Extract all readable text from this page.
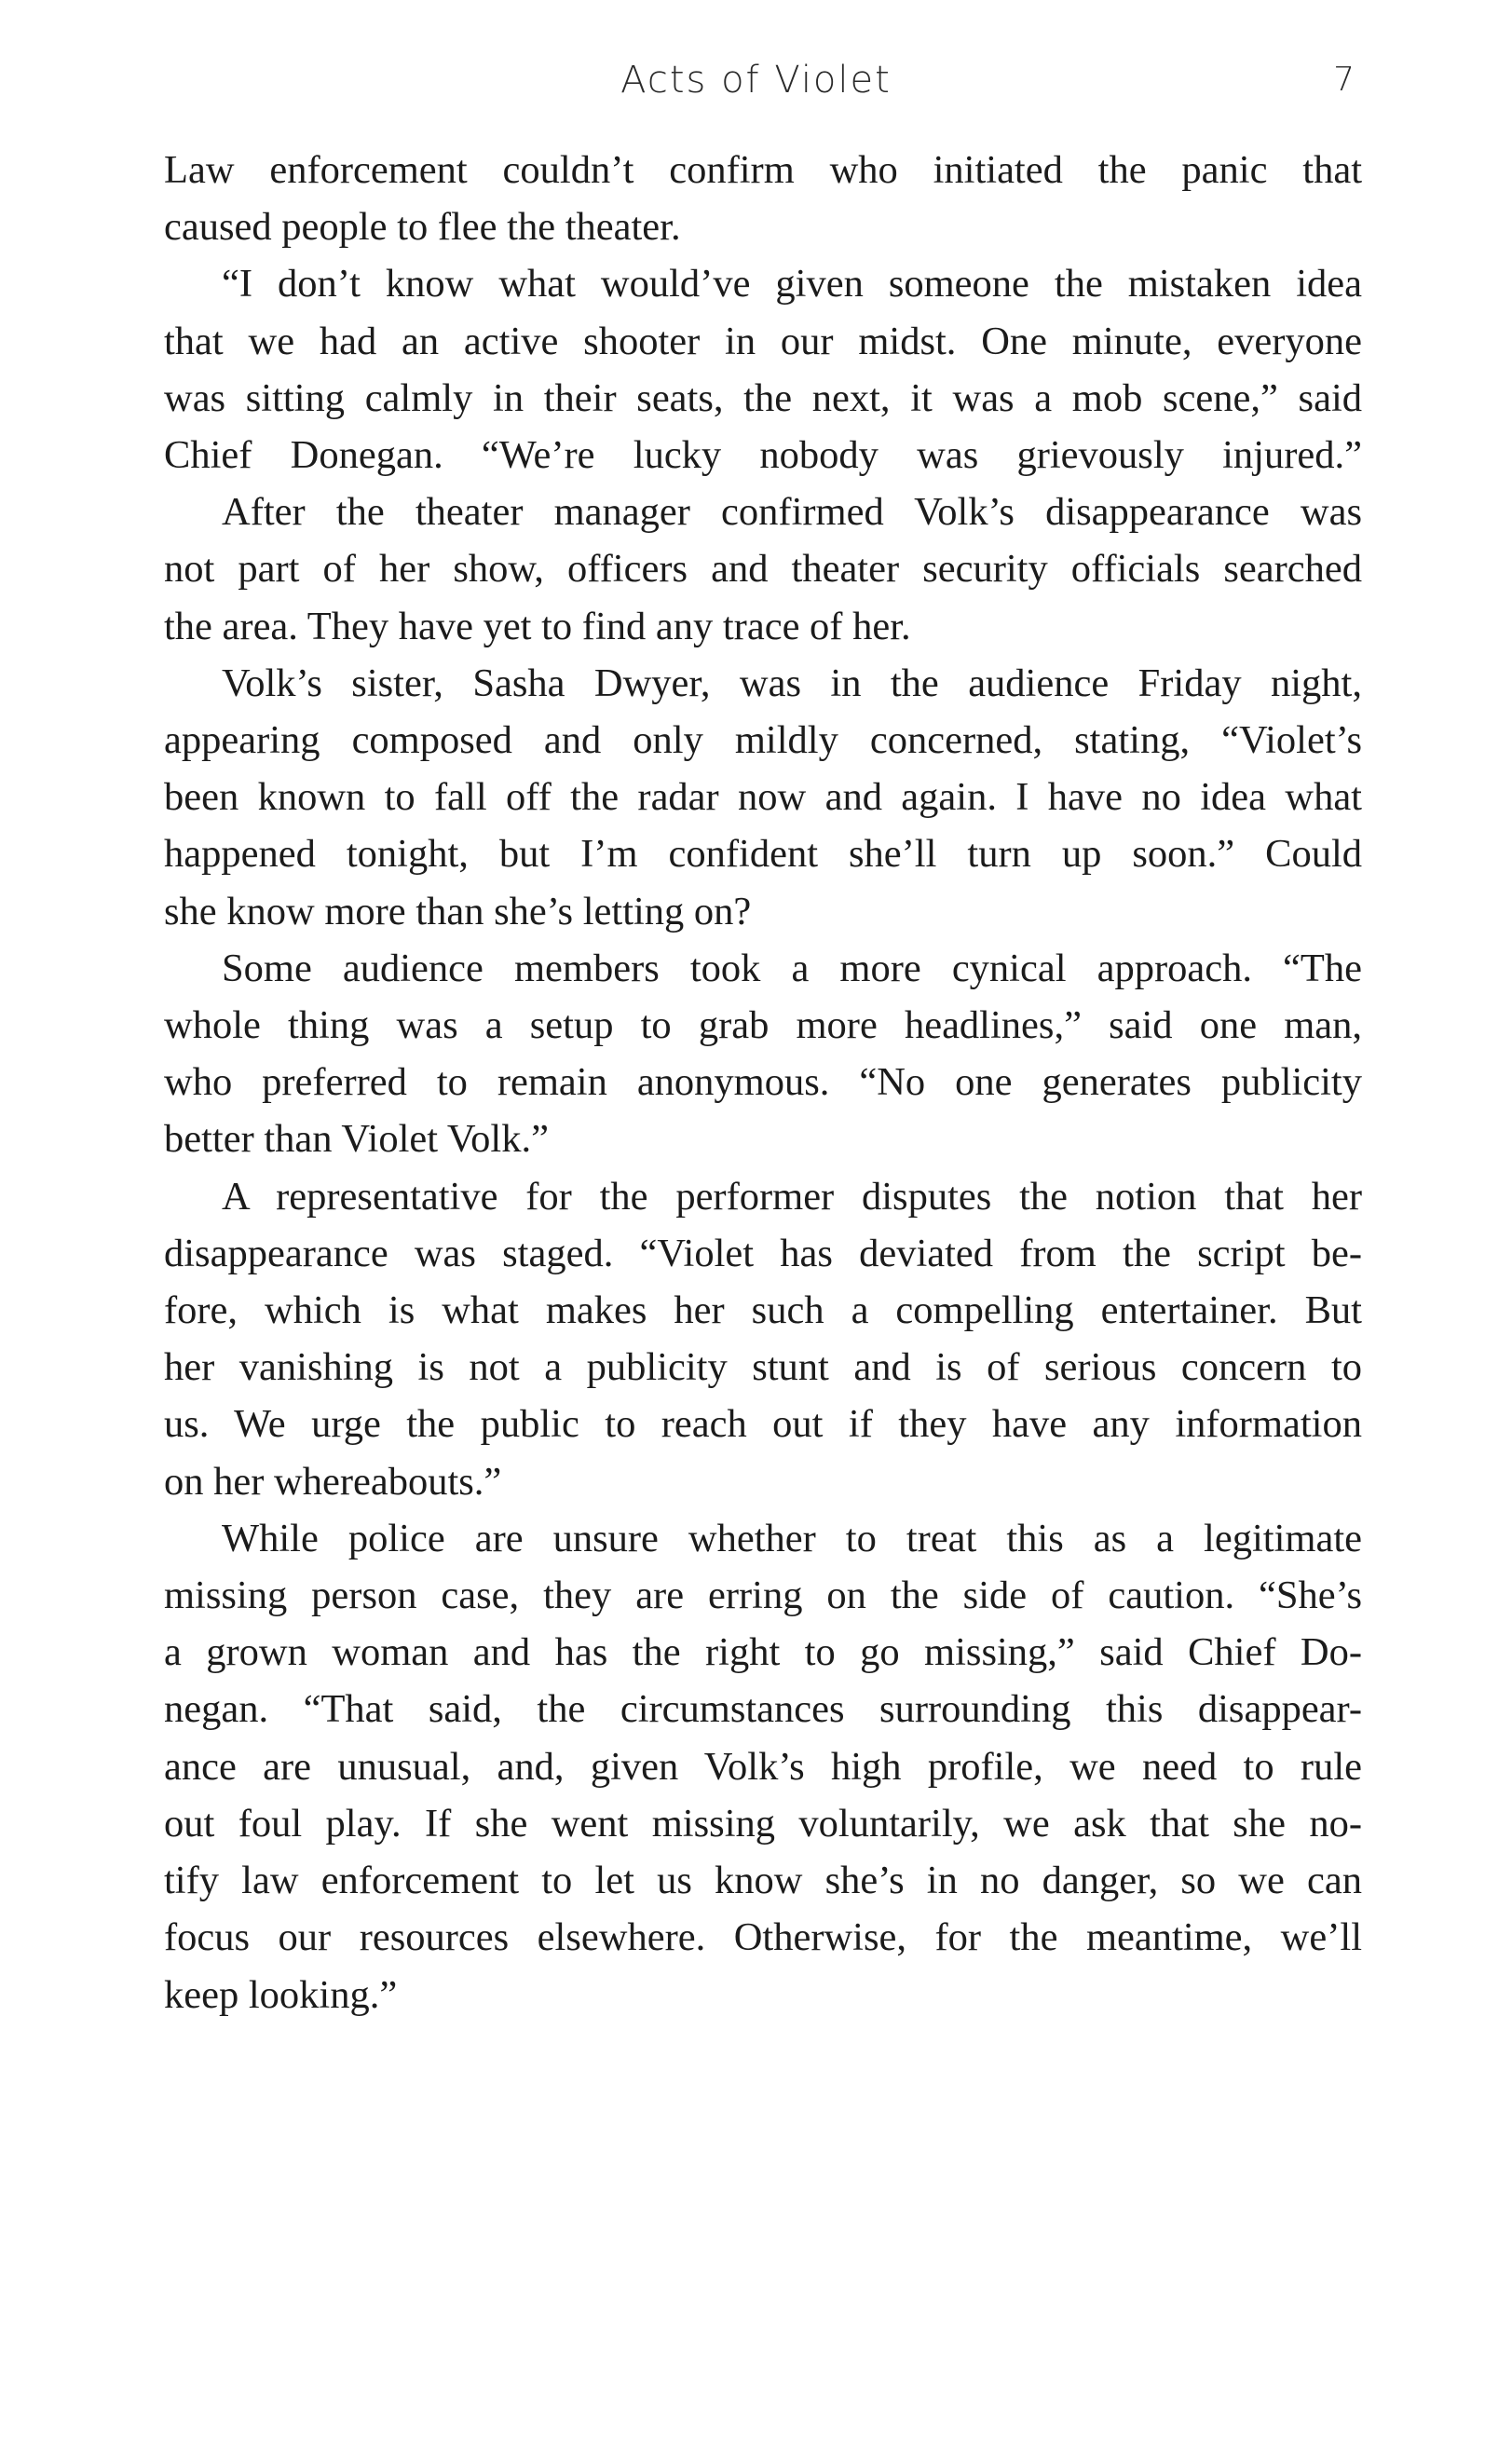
Acts of Violet	7

Law enforcement couldn’t confirm who initiated the panic that
caused people to flee the theater.

“I don’t know what would’ve given someone the mistaken idea
that we had an active shooter in our midst. One minute, everyone
was sitting calmly in their seats, the next, it was a mob scene,” said
Chief Donegan. “We’re lucky nobody was grievously injured.”

After the theater manager confirmed Volk’s disappearance was
not part of her show, officers and theater security officials searched
the area. They have yet to find any trace of her.

Volk’s sister, Sasha Dwyer, was in the audience Friday night,
appearing composed and only mildly concerned, stating, “Violet’s
been known to fall off the radar now and again. I have no idea what
happened tonight, but I’m confident she’ll turn up soon.” Could
she know more than she’s letting on?

Some audience members took a more cynical approach. “The
whole thing was a setup to grab more headlines,” said one man,
who preferred to remain anonymous. “No one generates publicity
better than Violet Volk.”

A representative for the performer disputes the notion that her
disappearance was staged. “Violet has deviated from the script be-
fore, which is what makes her such a compelling entertainer. But
her vanishing is not a publicity stunt and is of serious concern to
us. We urge the public to reach out if they have any information
on her whereabouts.”

While police are unsure whether to treat this as a legitimate
missing person case, they are erring on the side of caution. “She’s
a grown woman and has the right to go missing,” said Chief Do-
negan. “That said, the circumstances surrounding this disappear-
ance are unusual, and, given Volk’s high profile, we need to rule
out foul play. If she went missing voluntarily, we ask that she no-
tify law enforcement to let us know she’s in no danger, so we can
focus our resources elsewhere. Otherwise, for the meantime, we’ll
keep looking.”
